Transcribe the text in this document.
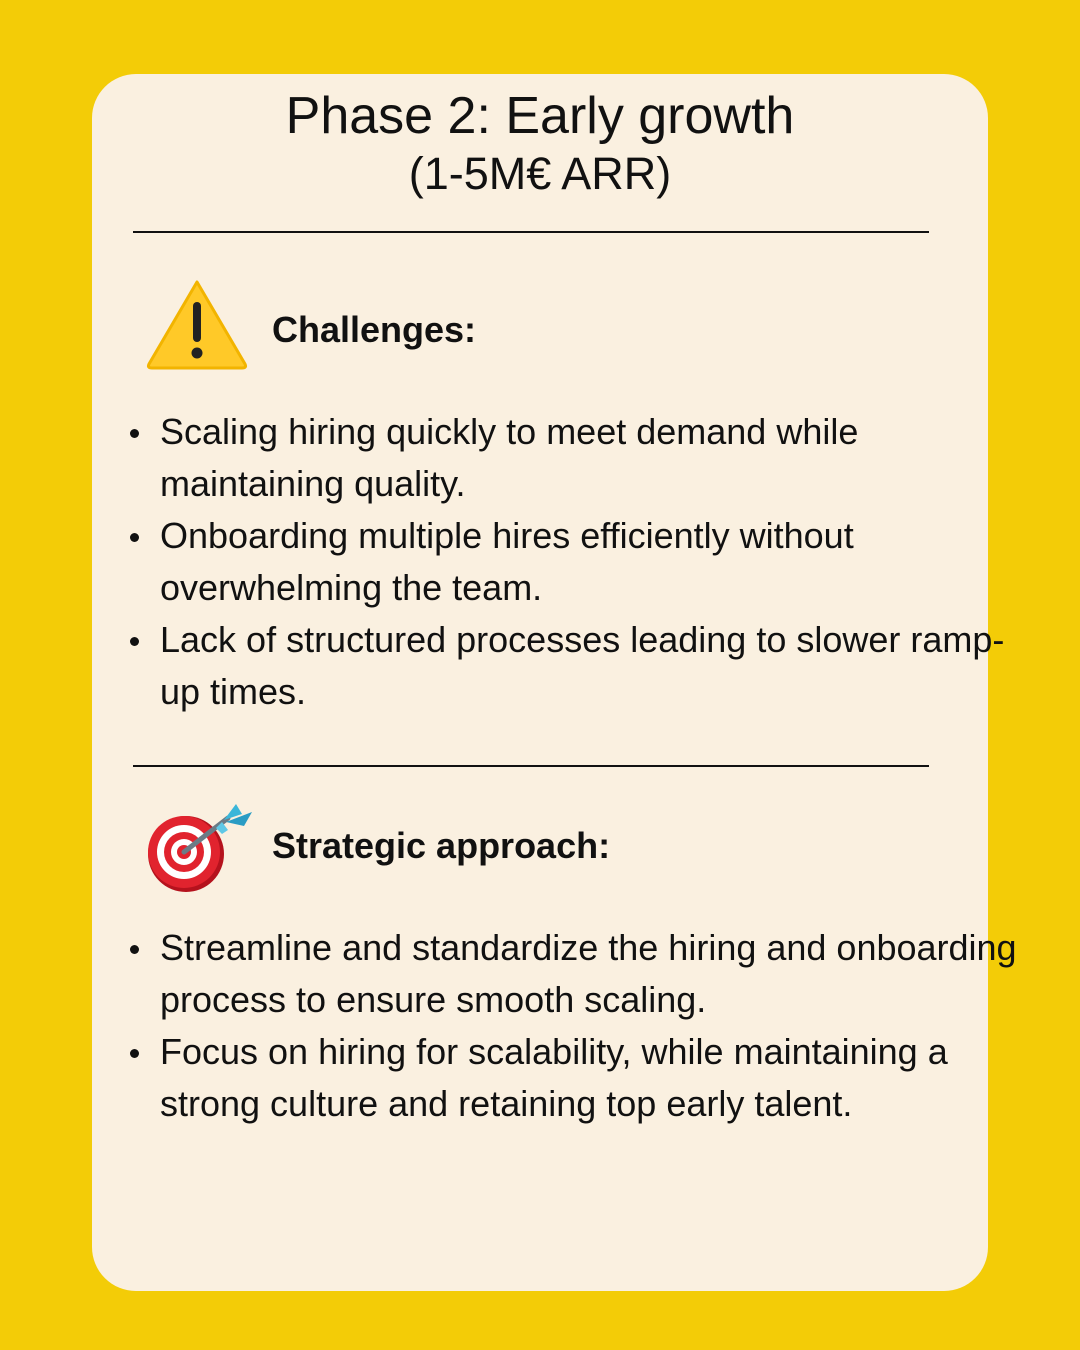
Phase 2: Early growth
(1-5M€ ARR)
Challenges:
Scaling hiring quickly to meet demand while maintaining quality.
Onboarding multiple hires efficiently without overwhelming the team.
Lack of structured processes leading to slower ramp-up times.
Strategic approach:
Streamline and standardize the hiring and onboarding process to ensure smooth scaling.
Focus on hiring for scalability, while maintaining a strong culture and retaining top early talent.
